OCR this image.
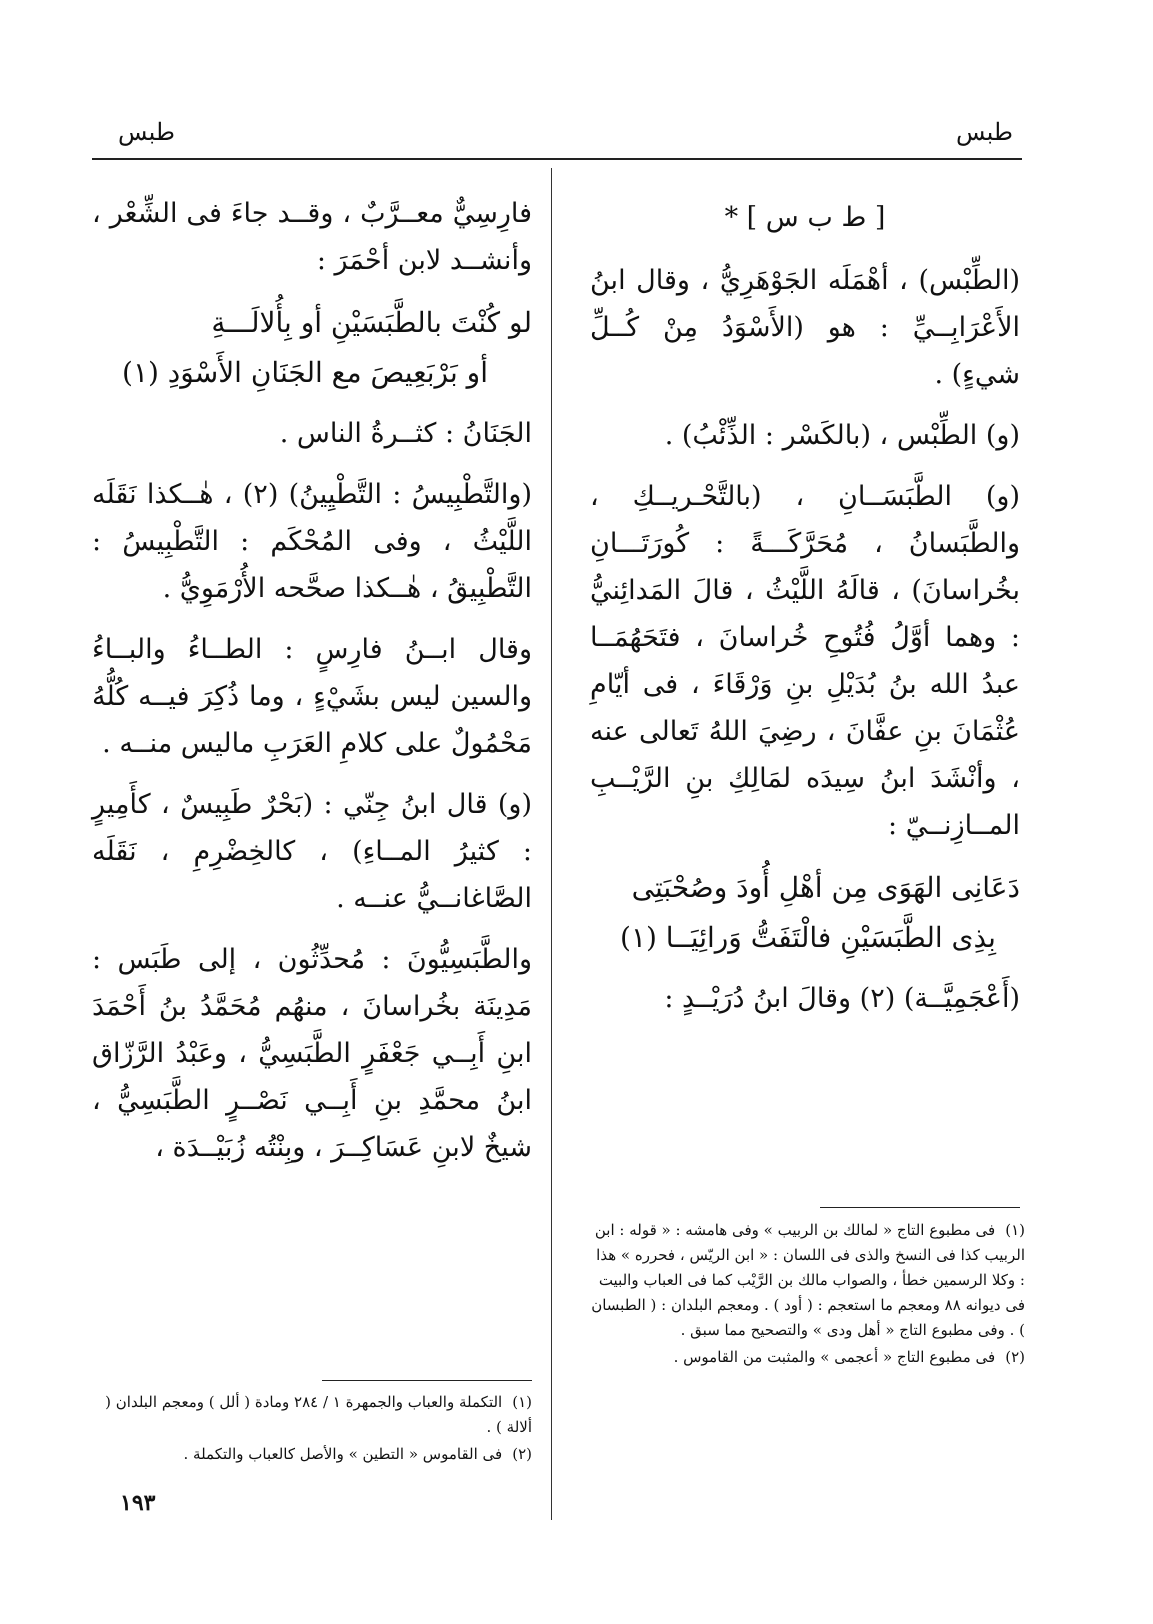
طبس
طبس

[ ط ب س ] *

(الطِّبْس) ، أهْمَلَه الجَوْهَرِيُّ ، وقال ابنُ الأَعْرَابِــيِّ : هو (الأَسْوَدُ مِنْ كُــلِّ شيءٍ) .

(و) الطِّبْس ، (بالكَسْر : الذِّئْبُ) .

(و) الطَّبَسَــانِ ، (بالتَّحْـريــكِ ، والطَّبَسانُ ، مُحَرَّكَـــةً : كُورَتَـــانِ بخُراسانَ) ، قالَهُ اللَّيْثُ ، قالَ المَدائِنيُّ : وهما أوَّلُ فُتُوحِ خُراسانَ ، فتَحَهُمَــا عبدُ الله بنُ بُدَيْلِ بنِ وَرْقَاءَ ، فى أيّامِ عُثْمَانَ بنِ عفَّانَ ، رضِيَ اللهُ تَعالى عنه ، وأنْشَدَ ابنُ سِيدَه لمَالِكِ بنِ الرَّيْــبِ المــازِنــيّ :

دَعَانِى الهَوَى مِن أهْلِ أُودَ وصُحْبَتِى
بِذِى الطَّبَسَيْنِ فالْتَفَتُّ وَرائِيَــا (١)

(أَعْجَمِيَّــة) (٢) وقالَ ابنُ دُرَيْــدٍ :

فارِسِيٌّ معــرَّبٌ ، وقــد جاءَ فى الشِّعْر ، وأنشــد لابن أحْمَرَ :

لو كُنْتَ بالطَّبَسَيْنِ أو بِأُلالَـــةِ
أو بَرْبَعِيصَ مع الجَنَانِ الأَسْوَدِ (١)

الجَنَانُ : كثــرةُ الناس .

(والتَّطْبِيسُ : التَّطْيِينُ) (٢) ، هٰــكذا نَقَلَه اللَّيْثُ ، وفى المُحْكَم : التَّطْبِيسُ : التَّطْبِيقُ ، هٰــكذا صحَّحه الأُرْمَوِيُّ .

وقال ابــنُ فارِسٍ : الطــاءُ والبــاءُ والسين ليس بشَيْءٍ ، وما ذُكِرَ فيــه كُلُّهُ مَحْمُولٌ على كلامِ العَرَبِ ماليس منــه .

(و) قال ابنُ جِنّي : (بَحْرٌ طَبِيسٌ ، كأَمِيرٍ : كثيرُ المــاءِ) ، كالخِضْرِمِ ، نَقَلَه الصَّاغانــيُّ عنــه .

والطَّبَسِيُّونَ : مُحدِّثُون ، إلى طَبَس : مَدِينَة بخُراسانَ ، منهُم مُحَمَّدُ بنُ أَحْمَدَ ابنِ أَبِــي جَعْفَرٍ الطَّبَسِيُّ ، وعَبْدُ الرَّزّاق ابنُ محمَّدِ بنِ أَبِــي نَصْــرٍ الطَّبَسِيُّ ، شيخٌ لابنِ عَسَاكِــرَ ، وبِنْتُه زُبَيْــدَة ،

(١)فى مطبوع التاج « لمالك بن الربيب » وفى هامشه : « قوله : ابن الربيب كذا فى النسخ والذى فى اللسان : « ابن الريّس ، فحرره » هذا : وكلا الرسمين خطأ ، والصواب مالك بن الرَّيْب كما فى العباب والبيت فى ديوانه ٨٨ ومعجم ما استعجم : ( أود ) . ومعجم البلدان : ( الطبسان ) . وفى مطبوع التاج « أهل ودى » والتصحيح مما سبق .

(٢)فى مطبوع التاج « أعجمى » والمثبت من القاموس .

(١)التكملة والعباب والجمهرة ١ / ٢٨٤ ومادة ( ألل ) ومعجم البلدان ( ألالة ) .

(٢)فى القاموس « التطين » والأصل كالعباب والتكملة .

١٩٣
